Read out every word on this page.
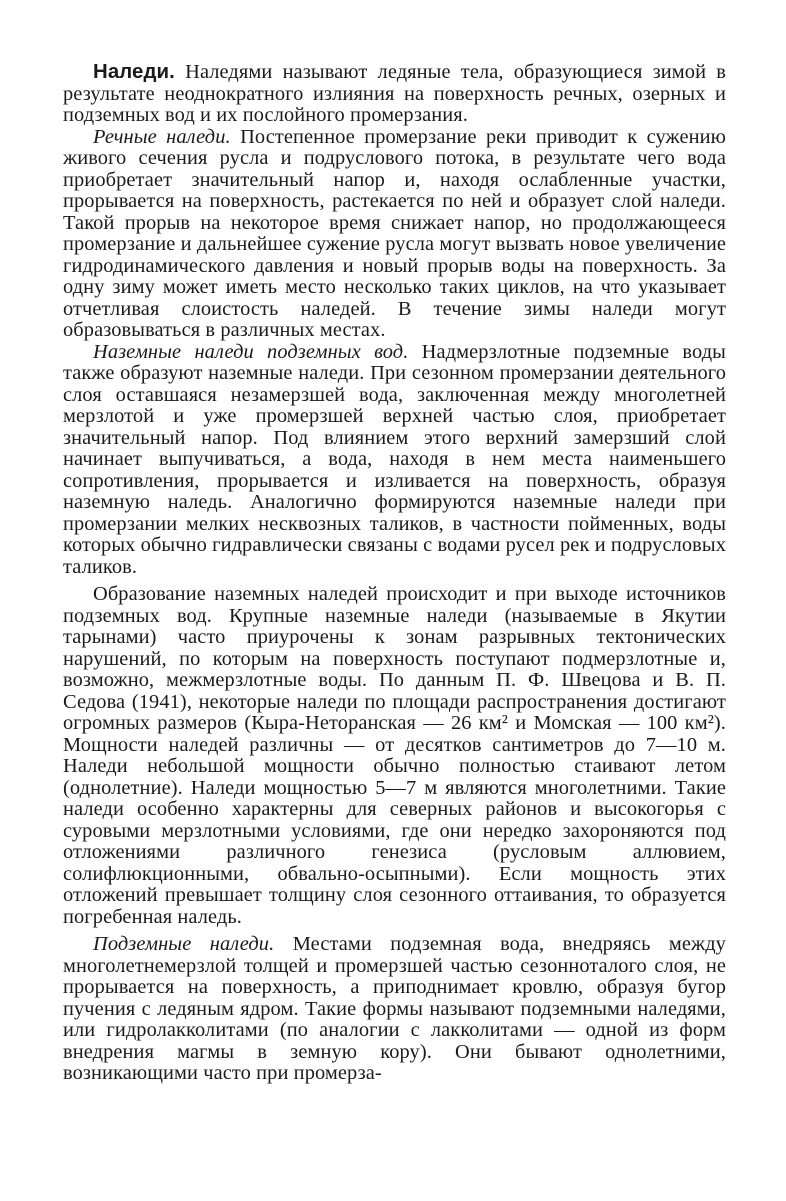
Наледи. Наледями называют ледяные тела, образующиеся зимой в результате неоднократного излияния на поверхность речных, озерных и подземных вод и их послойного промерзания.

Речные наледи. Постепенное промерзание реки приводит к сужению живого сечения русла и подруслового потока, в результате чего вода приобретает значительный напор и, находя ослабленные участки, прорывается на поверхность, растекается по ней и образует слой наледи. Такой прорыв на некоторое время снижает напор, но продолжающееся промерзание и дальнейшее сужение русла могут вызвать новое увеличение гидродинамического давления и новый прорыв воды на поверхность. За одну зиму может иметь место несколько таких циклов, на что указывает отчетливая слоистость наледей. В течение зимы наледи могут образовываться в различных местах.

Наземные наледи подземных вод. Надмерзлотные подземные воды также образуют наземные наледи. При сезонном промерзании деятельного слоя оставшаяся незамерзшей вода, заключенная между многолетней мерзлотой и уже промерзшей верхней частью слоя, приобретает значительный напор. Под влиянием этого верхний замерзший слой начинает выпучиваться, а вода, находя в нем места наименьшего сопротивления, прорывается и изливается на поверхность, образуя наземную наледь. Аналогично формируются наземные наледи при промерзании мелких несквозных таликов, в частности пойменных, воды которых обычно гидравлически связаны с водами русел рек и подрусловых таликов.

Образование наземных наледей происходит и при выходе источников подземных вод. Крупные наземные наледи (называемые в Якутии тарынами) часто приурочены к зонам разрывных тектонических нарушений, по которым на поверхность поступают подмерзлотные и, возможно, межмерзлотные воды. По данным П. Ф. Швецова и В. П. Седова (1941), некоторые наледи по площади распространения достигают огромных размеров (Кыра-Неторанская — 26 км² и Момская — 100 км²). Мощности наледей различны — от десятков сантиметров до 7—10 м. Наледи небольшой мощности обычно полностью стаивают летом (однолетние). Наледи мощностью 5—7 м являются многолетними. Такие наледи особенно характерны для северных районов и высокогорья с суровыми мерзлотными условиями, где они нередко захороняются под отложениями различного генезиса (русловым аллювием, солифлюкционными, обвально-осыпными). Если мощность этих отложений превышает толщину слоя сезонного оттаивания, то образуется погребенная наледь.

Подземные наледи. Местами подземная вода, внедряясь между многолетнемерзлой толщей и промерзшей частью сезонноталого слоя, не прорывается на поверхность, а приподнимает кровлю, образуя бугор пучения с ледяным ядром. Такие формы называют подземными наледями, или гидролакколитами (по аналогии с лакколитами — одной из форм внедрения магмы в земную кору). Они бывают однолетними, возникающими часто при промерза-
